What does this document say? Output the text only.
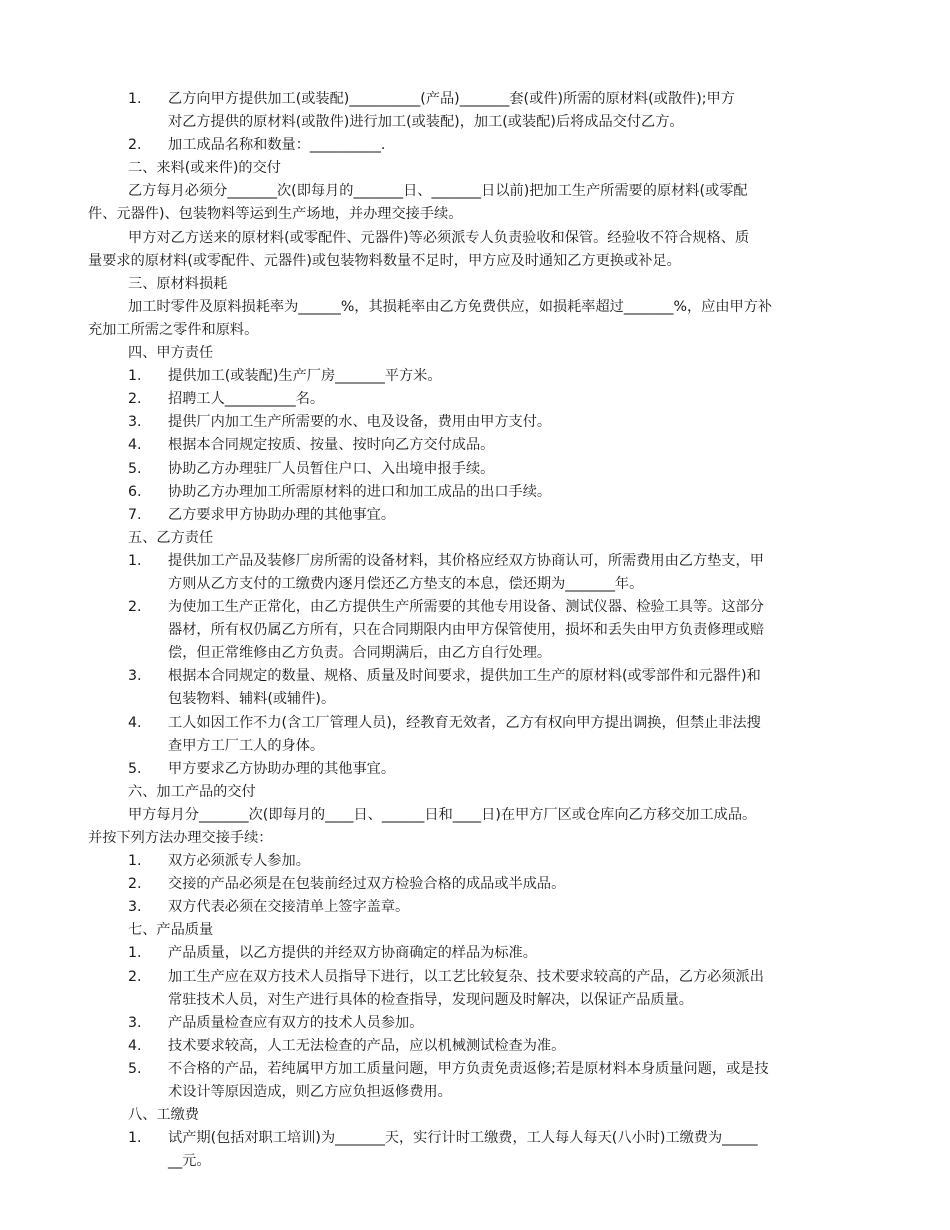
1.	乙方向甲方提供加工(或装配)__________(产品)_______套(或件)所需的原材料(或散件);甲方
对乙方提供的原材料(或散件)进行加工(或装配)，加工(或装配)后将成品交付乙方。
2.	加工成品名称和数量：__________.
二、来料(或来件)的交付
乙方每月必须分_______次(即每月的_______日、_______日以前)把加工生产所需要的原材料(或零配
件、元器件)、包装物料等运到生产场地，并办理交接手续。
甲方对乙方送来的原材料(或零配件、元器件)等必须派专人负责验收和保管。经验收不符合规格、质
量要求的原材料(或零配件、元器件)或包装物料数量不足时，甲方应及时通知乙方更换或补足。
三、原材料损耗
加工时零件及原料损耗率为______%，其损耗率由乙方免费供应，如损耗率超过_______%，应由甲方补
充加工所需之零件和原料。
四、甲方责任
1.	提供加工(或装配)生产厂房_______平方米。
2.	招聘工人__________名。
3.	提供厂内加工生产所需要的水、电及设备，费用由甲方支付。
4.	根据本合同规定按质、按量、按时向乙方交付成品。
5.	协助乙方办理驻厂人员暂住户口、入出境申报手续。
6.	协助乙方办理加工所需原材料的进口和加工成品的出口手续。
7.	乙方要求甲方协助办理的其他事宜。
五、乙方责任
1.	提供加工产品及装修厂房所需的设备材料，其价格应经双方协商认可，所需费用由乙方垫支，甲
方则从乙方支付的工缴费内逐月偿还乙方垫支的本息，偿还期为_______年。
2.	为使加工生产正常化，由乙方提供生产所需要的其他专用设备、测试仪器、检验工具等。这部分
器材，所有权仍属乙方所有，只在合同期限内由甲方保管使用，损坏和丢失由甲方负责修理或赔
偿，但正常维修由乙方负责。合同期满后，由乙方自行处理。
3.	根据本合同规定的数量、规格、质量及时间要求，提供加工生产的原材料(或零部件和元器件)和
包装物料、辅料(或辅件)。
4.	工人如因工作不力(含工厂管理人员)，经教育无效者，乙方有权向甲方提出调换，但禁止非法搜
查甲方工厂工人的身体。
5.	甲方要求乙方协助办理的其他事宜。
六、加工产品的交付
甲方每月分_______次(即每月的____日、______日和____日)在甲方厂区或仓库向乙方移交加工成品。
并按下列方法办理交接手续：
1.	双方必须派专人参加。
2.	交接的产品必须是在包装前经过双方检验合格的成品或半成品。
3.	双方代表必须在交接清单上签字盖章。
七、产品质量
1.	产品质量，以乙方提供的并经双方协商确定的样品为标准。
2.	加工生产应在双方技术人员指导下进行，以工艺比较复杂、技术要求较高的产品，乙方必须派出
常驻技术人员，对生产进行具体的检查指导，发现问题及时解决，以保证产品质量。
3.	产品质量检查应有双方的技术人员参加。
4.	技术要求较高，人工无法检查的产品，应以机械测试检查为准。
5.	不合格的产品，若纯属甲方加工质量问题，甲方负责免责返修;若是原材料本身质量问题，或是技
术设计等原因造成，则乙方应负担返修费用。
八、工缴费
1.	试产期(包括对职工培训)为_______天，实行计时工缴费，工人每人每天(八小时)工缴费为_____
__元。
